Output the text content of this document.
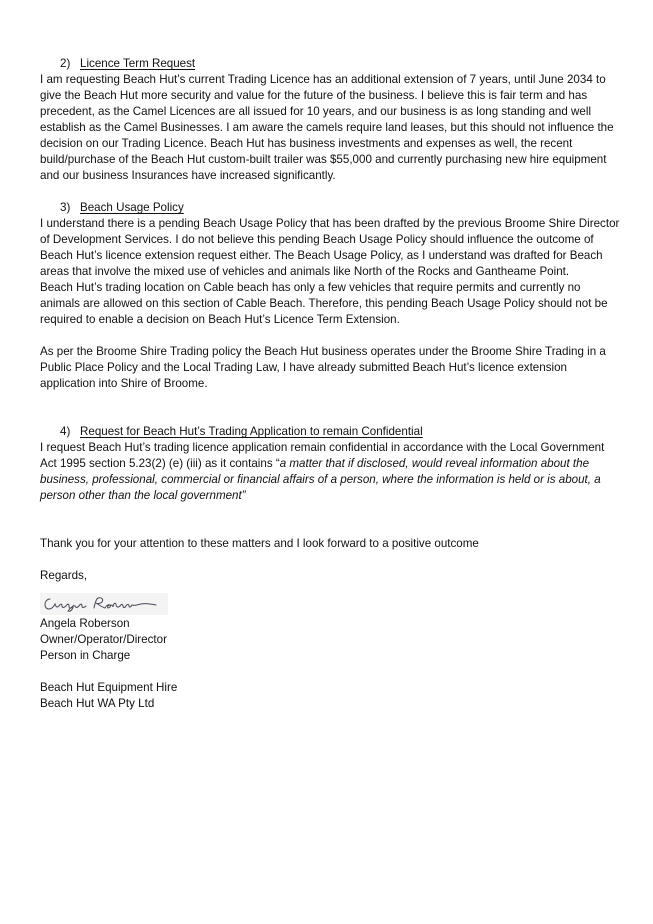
2) Licence Term Request

I am requesting Beach Hut’s current Trading Licence has an additional extension of 7 years, until June 2034 to give the Beach Hut more security and value for the future of the business. I believe this is fair term and has precedent, as the Camel Licences are all issued for 10 years, and our business is as long standing and well establish as the Camel Businesses. I am aware the camels require land leases, but this should not influence the decision on our Trading Licence. Beach Hut has business investments and expenses as well, the recent build/purchase of the Beach Hut custom-built trailer was $55,000 and currently purchasing new hire equipment and our business Insurances have increased significantly.

3) Beach Usage Policy

I understand there is a pending Beach Usage Policy that has been drafted by the previous Broome Shire Director of Development Services. I do not believe this pending Beach Usage Policy should influence the outcome of Beach Hut’s licence extension request either. The Beach Usage Policy, as I understand was drafted for Beach areas that involve the mixed use of vehicles and animals like North of the Rocks and Gantheame Point.

Beach Hut’s trading location on Cable beach has only a few vehicles that require permits and currently no animals are allowed on this section of Cable Beach. Therefore, this pending Beach Usage Policy should not be required to enable a decision on Beach Hut’s Licence Term Extension.

As per the Broome Shire Trading policy the Beach Hut business operates under the Broome Shire Trading in a Public Place Policy and the Local Trading Law, I have already submitted Beach Hut’s licence extension application into Shire of Broome.

4) Request for Beach Hut’s Trading Application to remain Confidential

I request Beach Hut’s trading licence application remain confidential in accordance with the Local Government Act 1995 section 5.23(2) (e) (iii) as it contains “a matter that if disclosed, would reveal information about the business, professional, commercial or financial affairs of a person, where the information is held or is about, a person other than the local government”

Thank you for your attention to these matters and I look forward to a positive outcome

Regards,

Angela Roberson

Owner/Operator/Director

Person in Charge

Beach Hut Equipment Hire

Beach Hut WA Pty Ltd
